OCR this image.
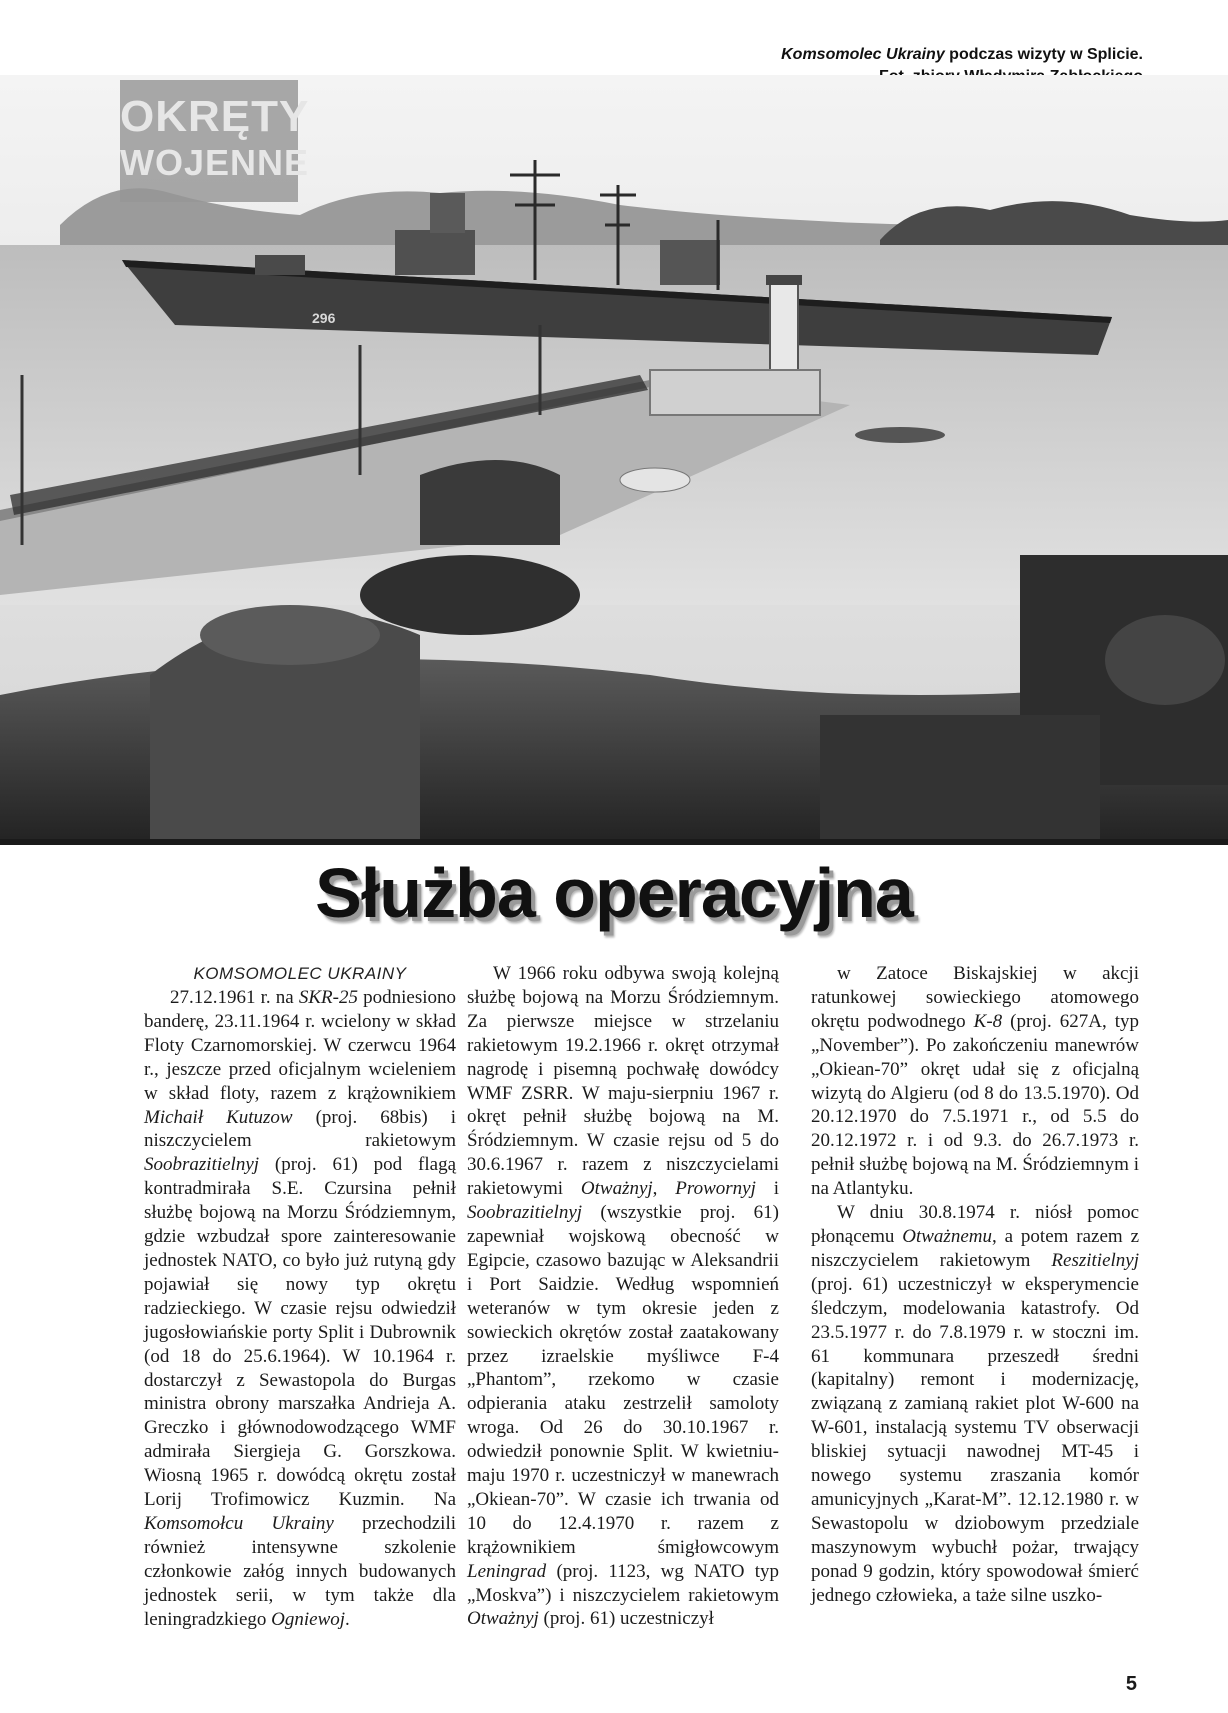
Komsomolec Ukrainy podczas wizyty w Splicie.
296
OKRĘTY
WOJENNE
Służba operacyjna
KOMSOMOLEC UKRAINY

27.12.1961 r. na SKR-25 podniesiono banderę, 23.11.1964 r. wcielony w skład Floty Czarnomorskiej. W czerwcu 1964 r., jeszcze przed oficjalnym wcieleniem w skład floty, razem z krążownikiem Michaił Kutuzow (proj. 68bis) i niszczycielem rakietowym Soobrazitielnyj (proj. 61) pod flagą kontradmirała S.E. Czursina pełnił służbę bojową na Morzu Śródziemnym, gdzie wzbudzał spore zainteresowanie jednostek NATO, co było już rutyną gdy pojawiał się nowy typ okrętu radzieckiego. W czasie rejsu odwiedził jugosłowiańskie porty Split i Dubrownik (od 18 do 25.6.1964). W 10.1964 r. dostarczył z Sewastopola do Burgas ministra obrony marszałka Andrieja A. Greczko i głównodowodzącego WMF admirała Siergieja G. Gorszkowa. Wiosną 1965 r. dowódcą okrętu został Lorij Trofimowicz Kuzmin. Na Komsomołcu Ukrainy przechodzili również intensywne szkolenie członkowie załóg innych budowanych jednostek serii, w tym także dla leningradzkiego Ogniewoj.

W 1966 roku odbywa swoją kolejną służbę bojową na Morzu Śródziemnym. Za pierwsze miejsce w strzelaniu rakietowym 19.2.1966 r. okręt otrzymał nagrodę i pisemną pochwałę dowódcy WMF ZSRR. W maju-sierpniu 1967 r. okręt pełnił służbę bojową na M. Śródziemnym. W czasie rejsu od 5 do 30.6.1967 r. razem z niszczycielami rakietowymi Otważnyj, Prowornyj i Soobrazitielnyj (wszystkie proj. 61) zapewniał wojskową obecność w Egipcie, czasowo bazując w Aleksandrii i Port Saidzie. Według wspomnień weteranów w tym okresie jeden z sowieckich okrętów został zaatakowany przez izraelskie myśliwce F-4 „Phantom”, rzekomo w czasie odpierania ataku zestrzelił samoloty wroga. Od 26 do 30.10.1967 r. odwiedził ponownie Split. W kwietniu-maju 1970 r. uczestniczył w manewrach „Okiean-70”. W czasie ich trwania od 10 do 12.4.1970 r. razem z krążownikiem śmigłowcowym Leningrad (proj. 1123, wg NATO typ „Moskva”) i niszczycielem rakietowym Otważnyj (proj. 61) uczestniczył

w Zatoce Biskajskiej w akcji ratunkowej sowieckiego atomowego okrętu podwodnego K-8 (proj. 627A, typ „November”). Po zakończeniu manewrów „Okiean-70” okręt udał się z oficjalną wizytą do Algieru (od 8 do 13.5.1970). Od 20.12.1970 do 7.5.1971 r., od 5.5 do 20.12.1972 r. i od 9.3. do 26.7.1973 r. pełnił służbę bojową na M. Śródziemnym i na Atlantyku.

W dniu 30.8.1974 r. niósł pomoc płonącemu Otważnemu, a potem razem z niszczycielem rakietowym Reszitielnyj (proj. 61) uczestniczył w eksperymencie śledczym, modelowania katastrofy. Od 23.5.1977 r. do 7.8.1979 r. w stoczni im. 61 kommunara przeszedł średni (kapitalny) remont i modernizację, związaną z zamianą rakiet plot W-600 na W-601, instalacją systemu TV obserwacji bliskiej sytuacji nawodnej MT-45 i nowego systemu zraszania komór amunicyjnych „Karat-M”. 12.12.1980 r. w Sewastopolu w dziobowym przedziale maszynowym wybuchł pożar, trwający ponad 9 godzin, który spowodował śmierć jednego człowieka, a taże silne uszko-

5
